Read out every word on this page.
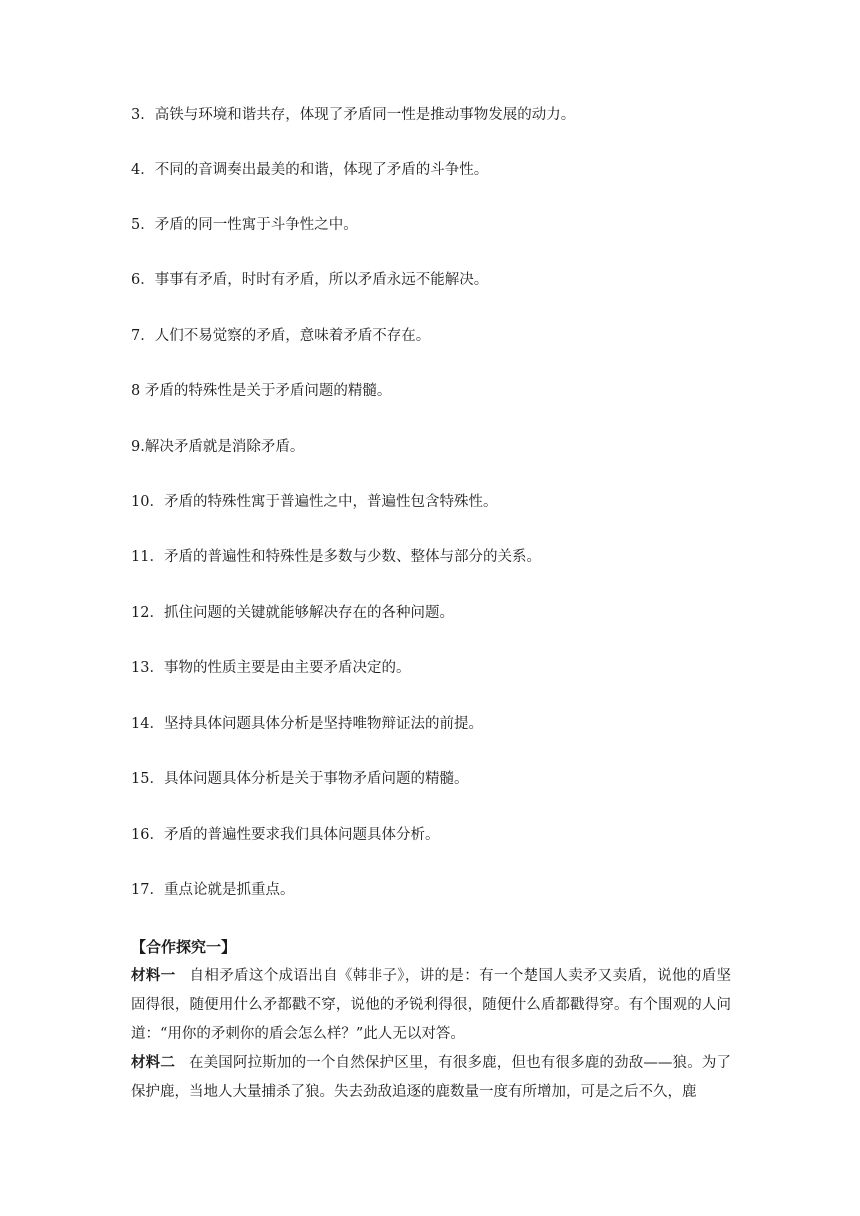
3．高铁与环境和谐共存，体现了矛盾同一性是推动事物发展的动力。
4．不同的音调奏出最美的和谐，体现了矛盾的斗争性。
5．矛盾的同一性寓于斗争性之中。
6．事事有矛盾，时时有矛盾，所以矛盾永远不能解决。
7．人们不易觉察的矛盾，意味着矛盾不存在。
8 矛盾的特殊性是关于矛盾问题的精髓。
9.解决矛盾就是消除矛盾。
10．矛盾的特殊性寓于普遍性之中，普遍性包含特殊性。
11．矛盾的普遍性和特殊性是多数与少数、整体与部分的关系。
12．抓住问题的关键就能够解决存在的各种问题。
13．事物的性质主要是由主要矛盾决定的。
14．坚持具体问题具体分析是坚持唯物辩证法的前提。
15．具体问题具体分析是关于事物矛盾问题的精髓。
16．矛盾的普遍性要求我们具体问题具体分析。
17．重点论就是抓重点。
【合作探究一】
材料一 自相矛盾这个成语出自《韩非子》，讲的是：有一个楚国人卖矛又卖盾，说他的盾坚固得很，随便用什么矛都戳不穿，说他的矛锐利得很，随便什么盾都戳得穿。有个围观的人问道：“用你的矛刺你的盾会怎么样？”此人无以对答。
材料二 在美国阿拉斯加的一个自然保护区里，有很多鹿，但也有很多鹿的劲敌——狼。为了保护鹿，当地人大量捕杀了狼。失去劲敌追逐的鹿数量一度有所增加，可是之后不久，鹿
